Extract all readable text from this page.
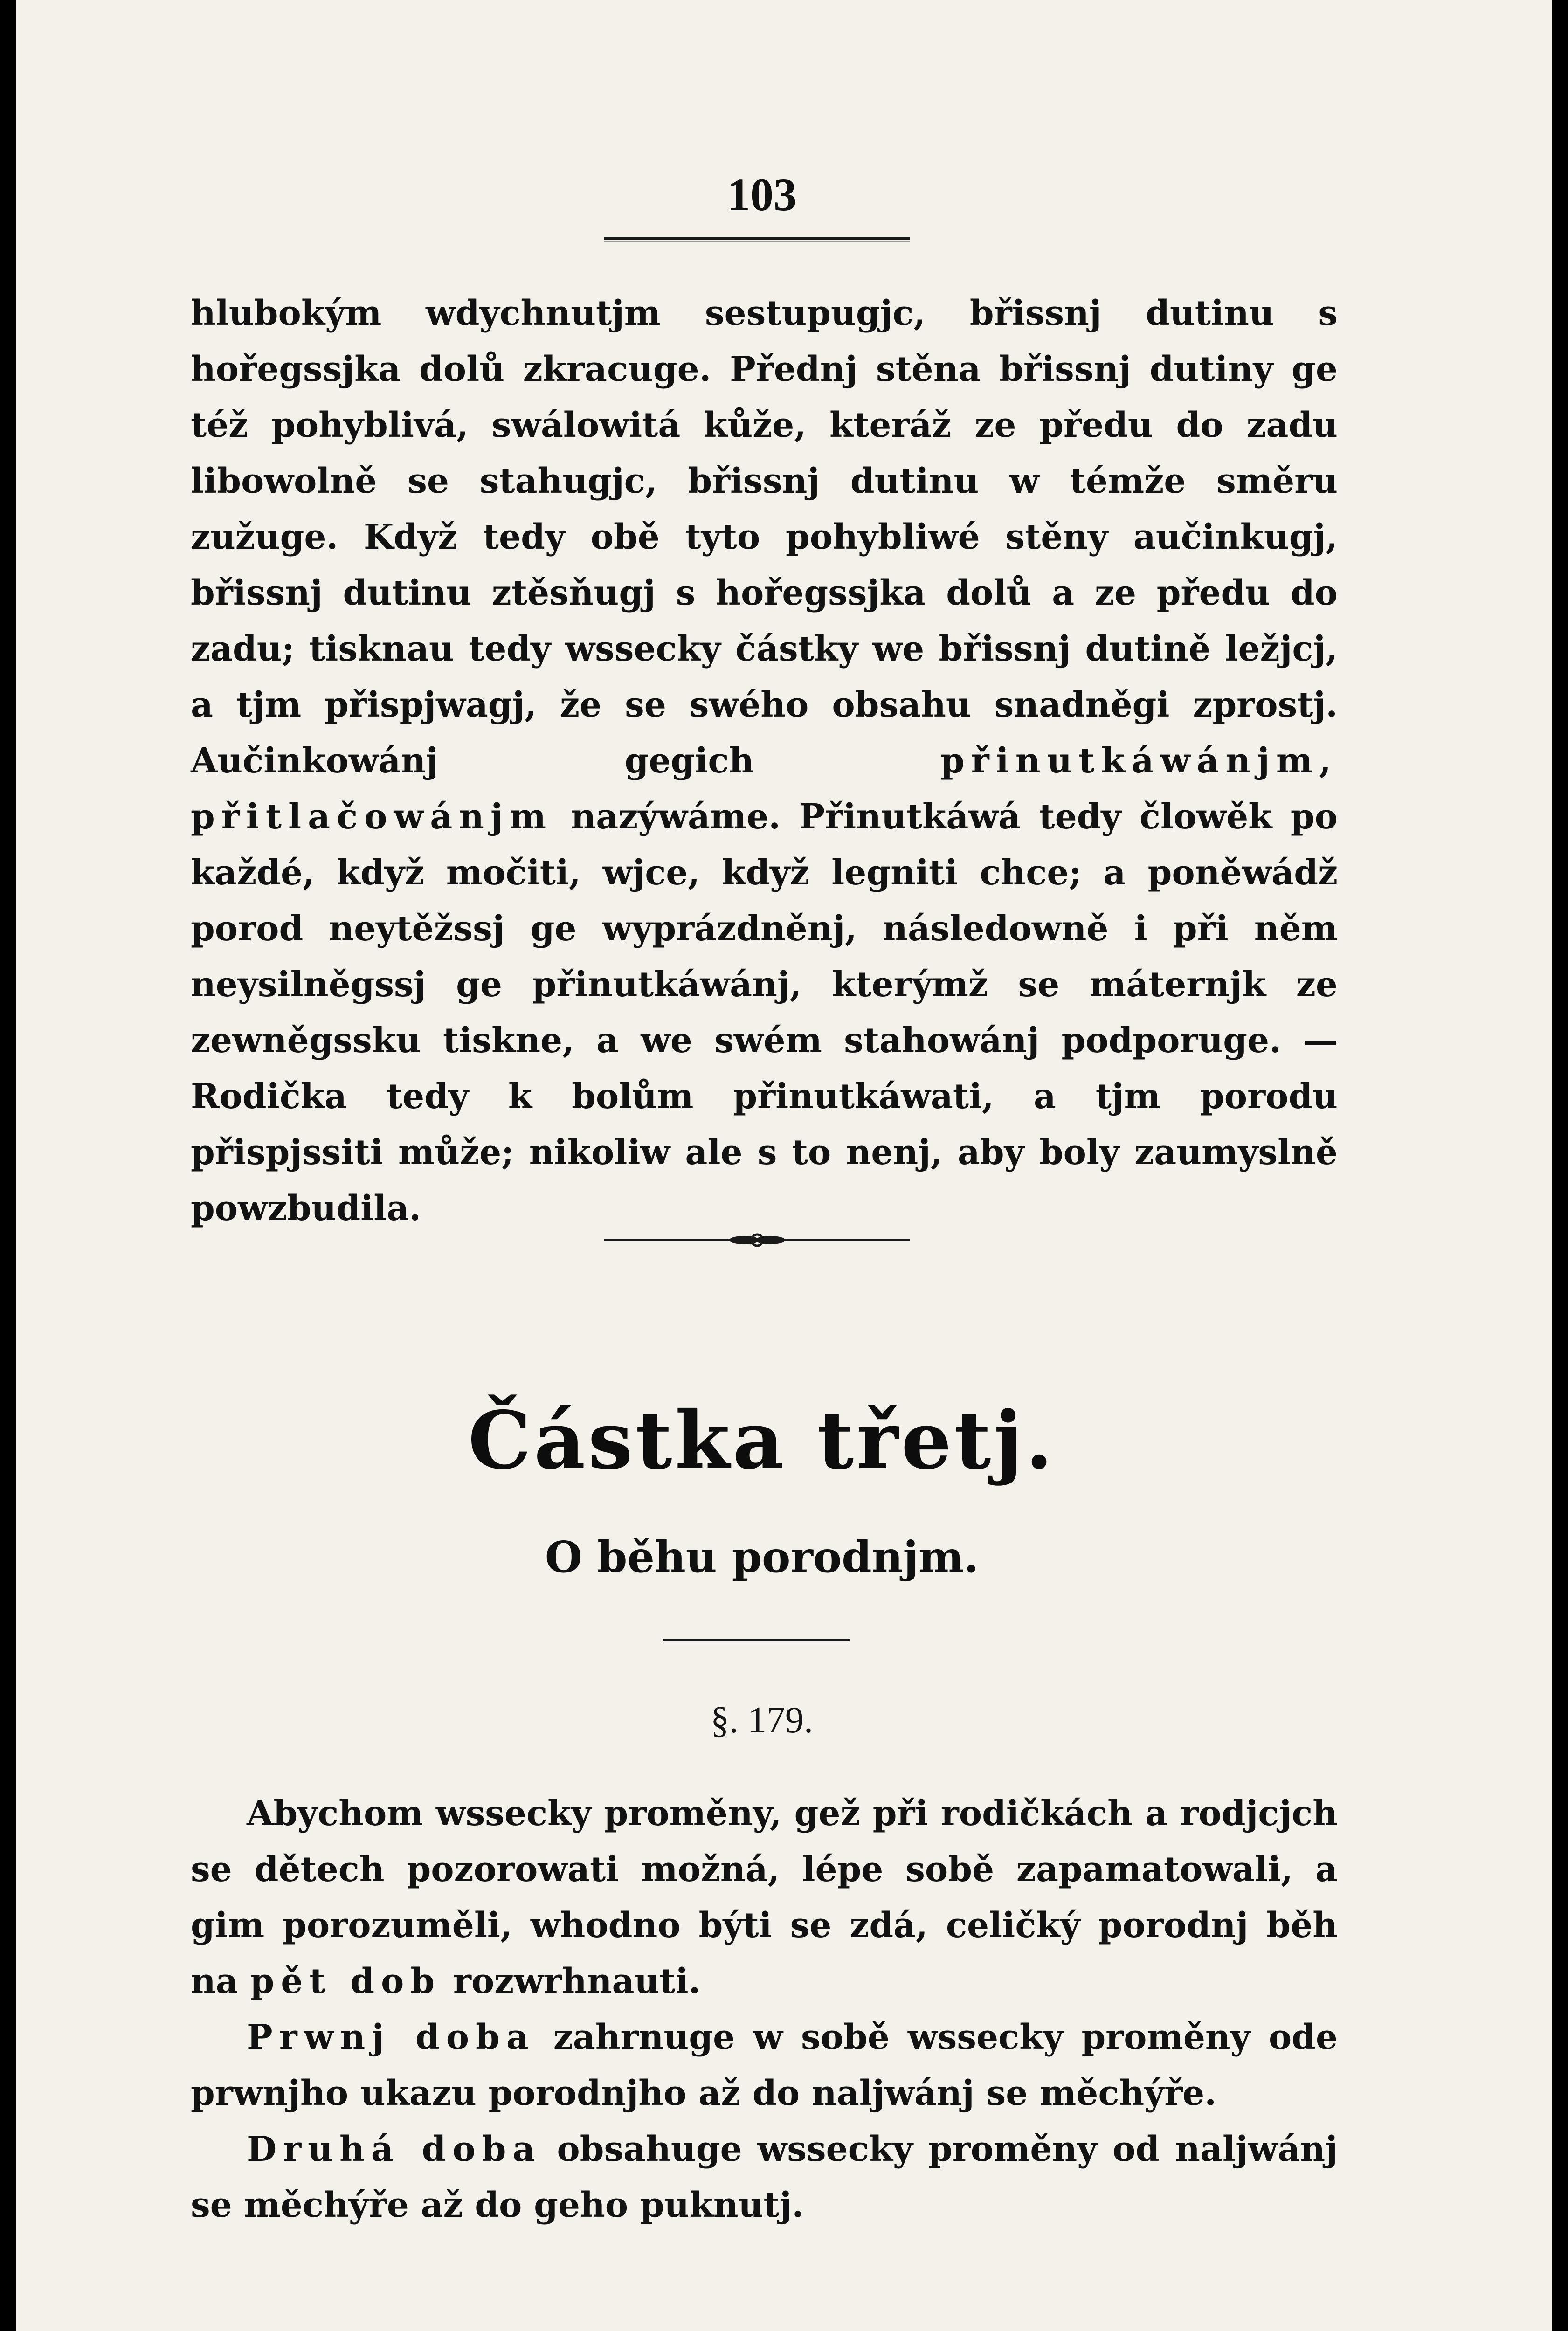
103

hlubokým wdychnutjm sestupugjc, břissnj dutinu s hořegssjka dolů zkracuge. Přednj stěna břissnj dutiny ge též pohyblivá, swálowitá kůže, kteráž ze předu do zadu libowolně se stahugjc, břissnj dutinu w témže směru zužuge. Když tedy obě tyto pohybliwé stěny aučinkugj, břissnj dutinu ztěsňugj s hořegssjka dolů a ze předu do zadu; tisknau tedy wssecky částky we břissnj dutině ležjcj, a tjm přispjwagj, že se swého obsahu snadněgi zprostj. Aučinkowánj gegich	přinutkáwánjm, přitlačowánjm nazýwáme. Přinutkáwá tedy člowěk po každé, když močiti, wjce, když legniti chce; a poněwádž porod neytěžssj ge wyprázdněnj, následowně i při něm neysilněgssj ge přinutkáwánj, kterýmž se máternjk ze zewněgssku tiskne, a we swém stahowánj podporuge. — Rodička tedy k bolům přinutkáwati, a tjm porodu přispjssiti může; nikoliw ale s to nenj, aby boly zaumyslně powzbudila.

Částka třetj.
O běhu porodnjm.
§. 179.

Abychom wssecky proměny, gež při rodičkách a rodjcjch se dětech pozorowati možná, lépe sobě zapamatowali, a gim porozuměli, whodno býti se zdá, celičký porodnj běh na pět dob rozwrhnauti.

Prwnj doba zahrnuge w sobě wssecky proměny ode prwnjho ukazu porodnjho až do naljwánj se měchýře.

Druhá doba obsahuge wssecky proměny od naljwánj se měchýře až do geho puknutj.
